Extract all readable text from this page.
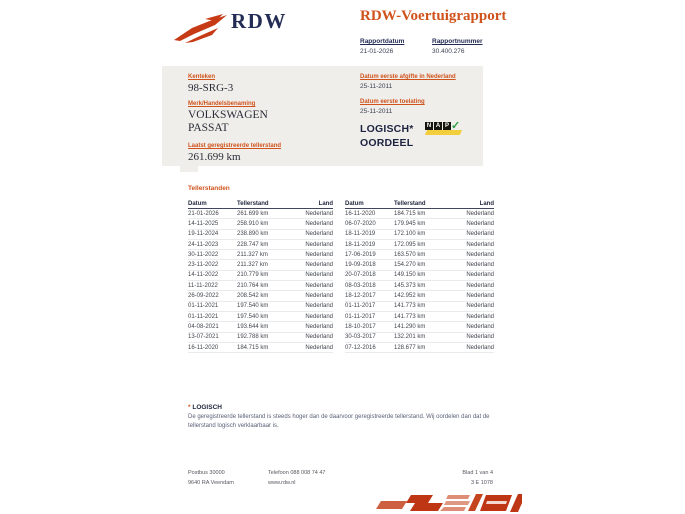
RDW	RDW-Voertuigrapport
Rapportdatum
21-01-2026
Rapportnummer
30.400.276
Kenteken
98-SRG-3
Merk/Handelsbenaming
VOLKSWAGEN
PASSAT
Laatst geregistreerde tellerstand
261.699 km
Datum eerste afgifte in Nederland
25-11-2011
Datum eerste toelating
25-11-2011
LOGISCH*
OORDEEL
N A P ✓
Tellerstanden
Datum	Tellerstand	Land
21-01-2026	261.699 km	Nederland
14-11-2025	258.910 km	Nederland
19-11-2024	238.890 km	Nederland
24-11-2023	228.747 km	Nederland
30-11-2022	211.327 km	Nederland
23-11-2022	211.327 km	Nederland
14-11-2022	210.779 km	Nederland
11-11-2022	210.764 km	Nederland
26-09-2022	208.542 km	Nederland
01-11-2021	197.540 km	Nederland
01-11-2021	197.540 km	Nederland
04-08-2021	193.644 km	Nederland
13-07-2021	192.788 km	Nederland
16-11-2020	184.715 km	Nederland
Datum	Tellerstand	Land
16-11-2020	184.715 km	Nederland
06-07-2020	179.945 km	Nederland
18-11-2019	172.100 km	Nederland
18-11-2019	172.095 km	Nederland
17-06-2019	163.570 km	Nederland
19-09-2018	154.270 km	Nederland
20-07-2018	149.150 km	Nederland
08-03-2018	145.373 km	Nederland
18-12-2017	142.952 km	Nederland
01-11-2017	141.773 km	Nederland
01-11-2017	141.773 km	Nederland
18-10-2017	141.290 km	Nederland
30-03-2017	132.201 km	Nederland
07-12-2016	128.677 km	Nederland
* LOGISCH
De geregistreerde tellerstand is steeds hoger dan de daarvoor geregistreerde tellerstand. Wij oordelen dan dat de tellerstand logisch verklaarbaar is.
Postbus 30000
9640 RA Veendam
Telefoon 088 008 74 47
www.rdw.nl
Blad 1 van 4
3 E 1078
